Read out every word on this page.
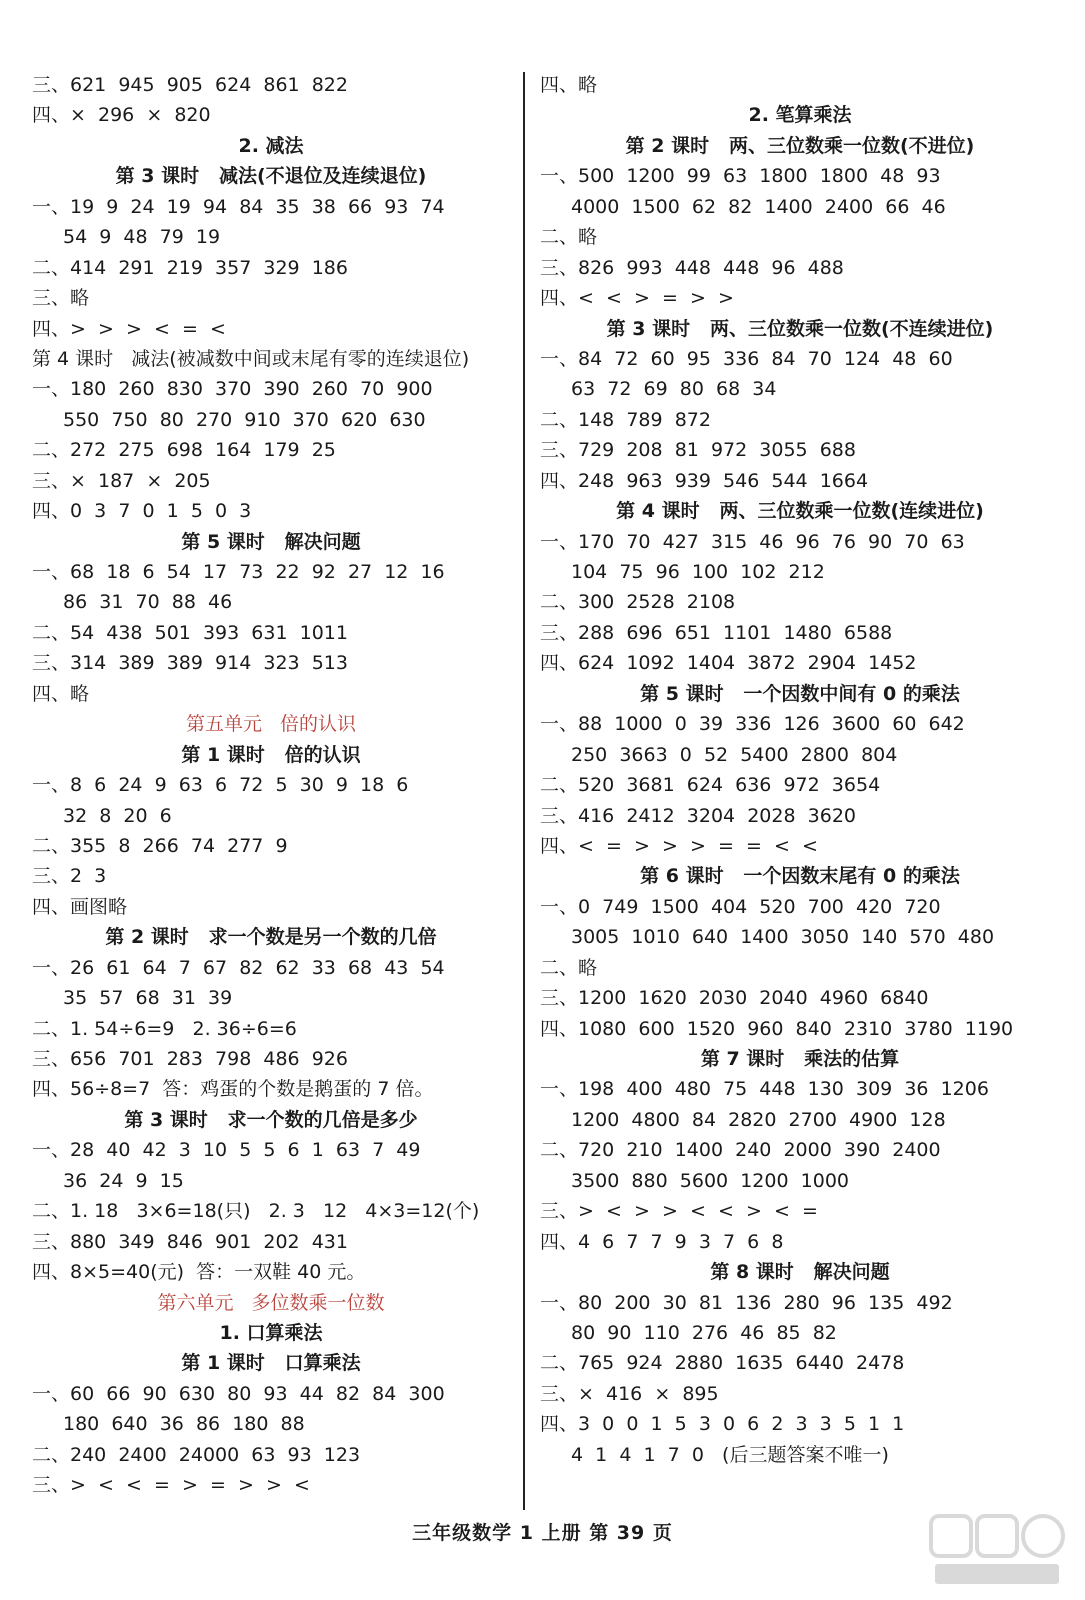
三、621  945  905  624  861  822
四、×  296  ×  820
2. 减法
第 3 课时   减法(不退位及连续退位)
一、19  9  24  19  94  84  35  38  66  93  74
54  9  48  79  19
二、414  291  219  357  329  186
三、略
四、>  >  >  <  =  <
第 4 课时   减法(被减数中间或末尾有零的连续退位)
一、180  260  830  370  390  260  70  900
550  750  80  270  910  370  620  630
二、272  275  698  164  179  25
三、×  187  ×  205
四、0  3  7  0  1  5  0  3
第 5 课时   解决问题
一、68  18  6  54  17  73  22  92  27  12  16
86  31  70  88  46
二、54  438  501  393  631  1011
三、314  389  389  914  323  513
四、略
第五单元   倍的认识
第 1 课时   倍的认识
一、8  6  24  9  63  6  72  5  30  9  18  6
32  8  20  6
二、355  8  266  74  277  9
三、2  3
四、画图略
第 2 课时   求一个数是另一个数的几倍
一、26  61  64  7  67  82  62  33  68  43  54
35  57  68  31  39
二、1. 54÷6=9   2. 36÷6=6
三、656  701  283  798  486  926
四、56÷8=7  答：鸡蛋的个数是鹅蛋的 7 倍。
第 3 课时   求一个数的几倍是多少
一、28  40  42  3  10  5  5  6  1  63  7  49
36  24  9  15
二、1. 18   3×6=18(只)   2. 3   12   4×3=12(个)
三、880  349  846  901  202  431
四、8×5=40(元)  答：一双鞋 40 元。
第六单元   多位数乘一位数
1. 口算乘法
第 1 课时   口算乘法
一、60  66  90  630  80  93  44  82  84  300
180  640  36  86  180  88
二、240  2400  24000  63  93  123
三、>  <  <  =  >  =  >  >  <
四、略
2. 笔算乘法
第 2 课时   两、三位数乘一位数(不进位)
一、500  1200  99  63  1800  1800  48  93
4000  1500  62  82  1400  2400  66  46
二、略
三、826  993  448  448  96  488
四、<  <  >  =  >  >
第 3 课时   两、三位数乘一位数(不连续进位)
一、84  72  60  95  336  84  70  124  48  60
63  72  69  80  68  34
二、148  789  872
三、729  208  81  972  3055  688
四、248  963  939  546  544  1664
第 4 课时   两、三位数乘一位数(连续进位)
一、170  70  427  315  46  96  76  90  70  63
104  75  96  100  102  212
二、300  2528  2108
三、288  696  651  1101  1480  6588
四、624  1092  1404  3872  2904  1452
第 5 课时   一个因数中间有 0 的乘法
一、88  1000  0  39  336  126  3600  60  642
250  3663  0  52  5400  2800  804
二、520  3681  624  636  972  3654
三、416  2412  3204  2028  3620
四、<  =  >  >  >  =  =  <  <
第 6 课时   一个因数末尾有 0 的乘法
一、0  749  1500  404  520  700  420  720
3005  1010  640  1400  3050  140  570  480
二、略
三、1200  1620  2030  2040  4960  6840
四、1080  600  1520  960  840  2310  3780  1190
第 7 课时   乘法的估算
一、198  400  480  75  448  130  309  36  1206
1200  4800  84  2820  2700  4900  128
二、720  210  1400  240  2000  390  2400
3500  880  5600  1200  1000
三、>  <  >  >  <  <  >  <  =
四、4  6  7  7  9  3  7  6  8
第 8 课时   解决问题
一、80  200  30  81  136  280  96  135  492
80  90  110  276  46  85  82
二、765  924  2880  1635  6440  2478
三、×  416  ×  895
四、3  0  0  1  5  3  0  6  2  3  3  5  1  1
4  1  4  1  7  0   (后三题答案不唯一)
三年级数学 1 上册 第 39 页
